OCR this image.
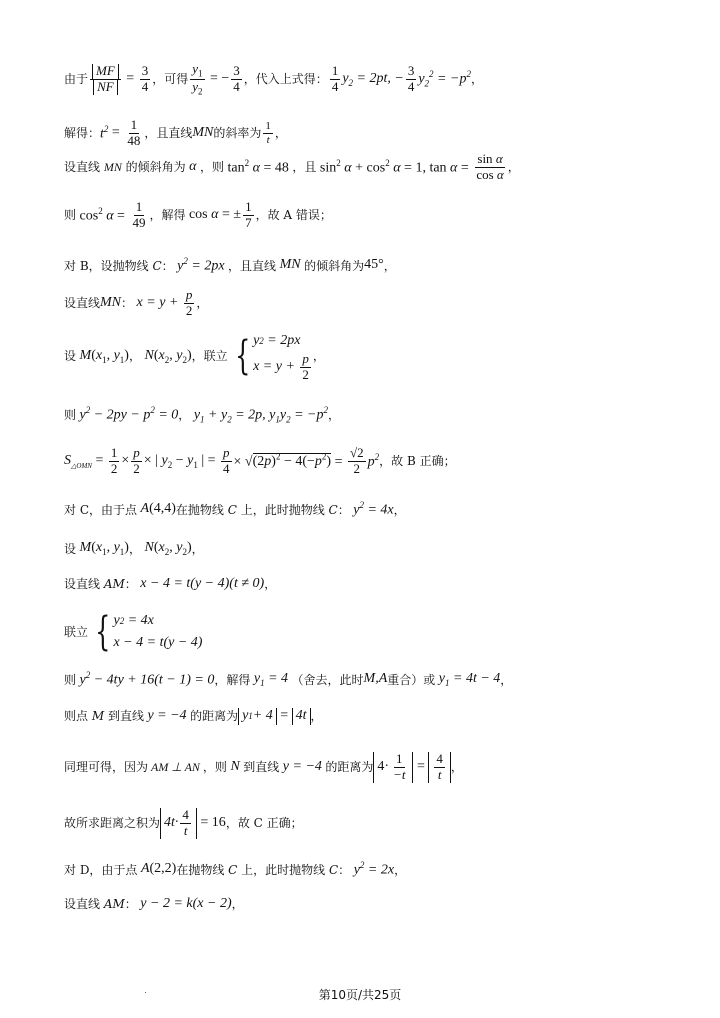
由于 $\frac{MF}{NF} = \frac{3}{4}$ ，可得 $\frac{y_1}{y_2}$ = − $\frac{3}{4}$ ，代入上式得： $\frac{1}{4} y_2 = 2pt$, − $\frac{3}{4} y_2^2 = -p^2$ ，
解得： $t^2 = \frac{1}{48}$ ，且直线 MN 的斜率为 $\frac{1}{t}$ ，
设直线 MN 的倾斜角为 α ，则 $\tan^2 \alpha = 48$ ，且 $\sin^2 \alpha + \cos^2 \alpha = 1$, $\tan \alpha = \frac{\text{sin α}}{\text{cos α}}$ ，
则 $\cos^2 \alpha = \frac{1}{49}$ ，解得 cos α = ± $\frac{1}{7}$ ，故 A 错误；
对 B，设抛物线 C： $y^2 = 2px$ ，且直线 MN 的倾斜角为 45° ，
设直线 MN ： $x = y + \frac{p}{2}$ ，
设 M ($x_1$, $y_1$) ， N ($x_2$, $y_2$) ，联立 { y 2 = 2px
$x = y + \frac{p}{2}$ ，
则 $y^2 - 2py - p^2 = 0$ ， $y_1 + y_2 = 2p$, $y_1y_2 = -p^2$ ，
$S_{\triangle OMN} = \frac{1}{2} \times \frac{p}{2}$ × | $y_2 - y_1$ | = $\frac{p}{4} \times √(2p)^2 - 4(-p^2) = \frac{√2}{2} p^2$ ，故 B 正确；
对 C，由于点 A (4,4) 在抛物线 C 上，此时抛物线 C： $y^2 = 4x$ ，
设 M ($x_1$, $y_1$) ， N ($x_2$, $y_2$) ，
设直线 AM： x − 4 = t(y − 4)(t ≠ 0) ，
联立 { y 2 = 4x
x − 4 = t(y − 4)
则 $y^2 - 4ty + 16(t - 1) = 0$ ，解得 $y_1 = 4$ （舍去，此时 M,A 重合）或 $y_1 = 4t - 4$ ，
则点 M 到直线 y = −4 的距离为 y 1 + 4 = 4t ，
同理可得，因为 AM ⊥ AN ，则 N 到直线 y = −4 的距离为 $4\cdot \frac{1}{-t} = \frac{4}{t}$ ，
故所求距离之积为 $4t\cdot \frac{4}{t} = 16$ ，故 C 正确；
对 D，由于点 A (2,2) 在抛物线 C 上，此时抛物线 C： $y^2 = 2x$ ，
设直线 AM： y − 2 = k(x − 2) ，
第10页/共25页
